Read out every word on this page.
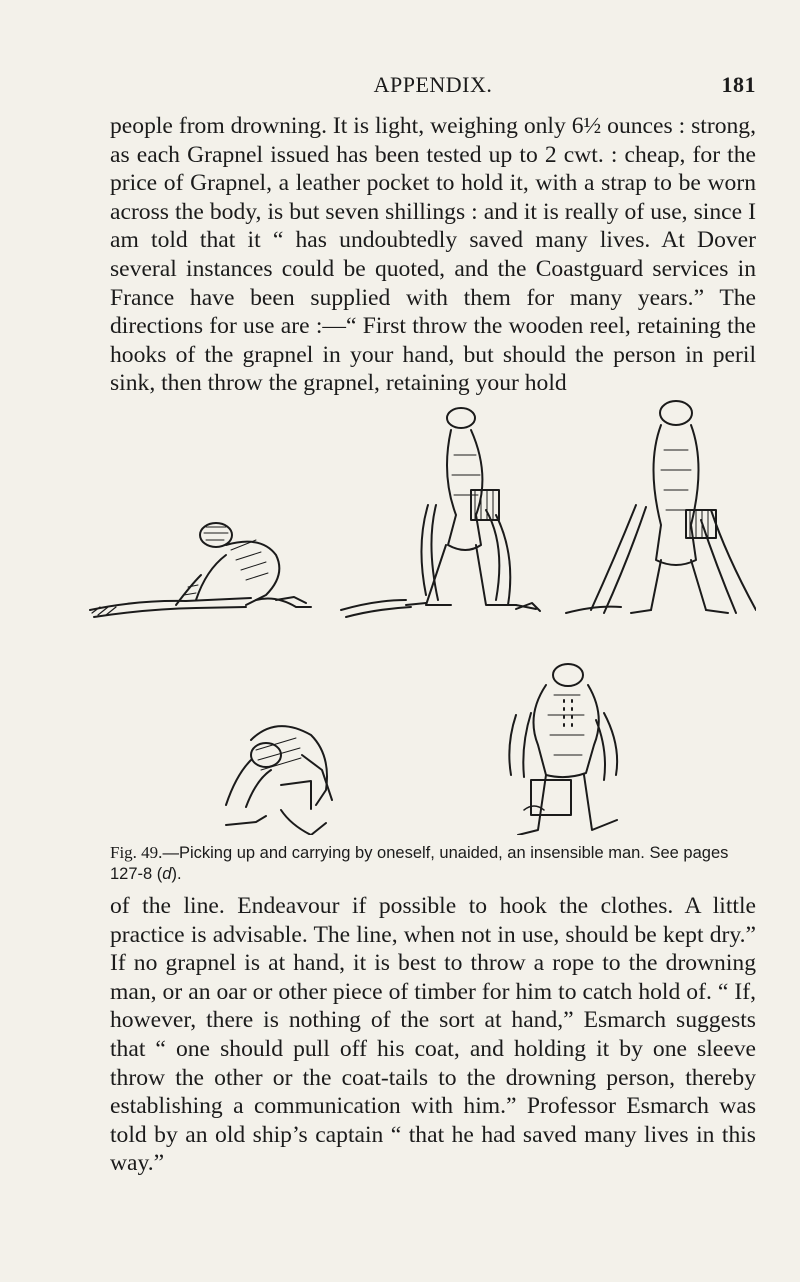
APPENDIX.	181

people from drowning. It is light, weighing only 6½ ounces : strong, as each Grapnel issued has been tested up to 2 cwt. : cheap, for the price of Grapnel, a leather pocket to hold it, with a strap to be worn across the body, is but seven shillings : and it is really of use, since I am told that it “ has undoubtedly saved many lives. At Dover several instances could be quoted, and the Coastguard services in France have been supplied with them for many years.” The directions for use are :—“ First throw the wooden reel, retaining the hooks of the grapnel in your hand, but should the person in peril sink, then throw the grapnel, retaining your hold

Fig. 49.—Picking up and carrying by oneself, unaided, an insensible man. See pages 127-8 (d).

of the line. Endeavour if possible to hook the clothes. A little practice is advisable. The line, when not in use, should be kept dry.” If no grapnel is at hand, it is best to throw a rope to the drowning man, or an oar or other piece of timber for him to catch hold of. “ If, however, there is nothing of the sort at hand,” Esmarch suggests that “ one should pull off his coat, and holding it by one sleeve throw the other or the coat-tails to the drowning person, thereby establishing a communication with him.” Professor Esmarch was told by an old ship’s captain “ that he had saved many lives in this way.”
